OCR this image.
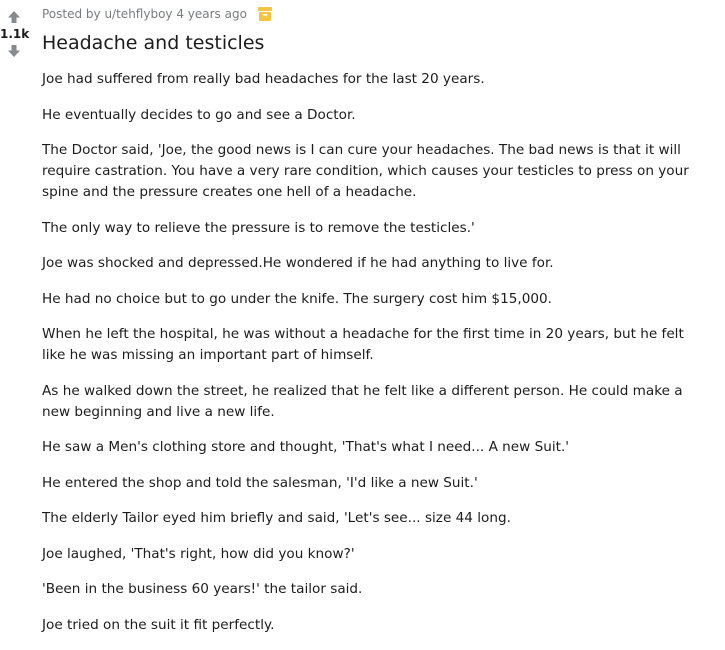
1.1k
Posted by u/tehflyboy 4 years ago
Headache and testicles

Joe had suffered from really bad headaches for the last 20 years.

He eventually decides to go and see a Doctor.

The Doctor said, 'Joe, the good news is I can cure your headaches. The bad news is that it will require castration. You have a very rare condition, which causes your testicles to press on your spine and the pressure creates one hell of a headache.

The only way to relieve the pressure is to remove the testicles.'

Joe was shocked and depressed.He wondered if he had anything to live for.

He had no choice but to go under the knife. The surgery cost him $15,000.

When he left the hospital, he was without a headache for the first time in 20 years, but he felt like he was missing an important part of himself.

As he walked down the street, he realized that he felt like a different person. He could make a new beginning and live a new life.

He saw a Men's clothing store and thought, 'That's what I need... A new Suit.'

He entered the shop and told the salesman, 'I'd like a new Suit.'

The elderly Tailor eyed him briefly and said, 'Let's see... size 44 long.

Joe laughed, 'That's right, how did you know?'

'Been in the business 60 years!' the tailor said.

Joe tried on the suit it fit perfectly.
